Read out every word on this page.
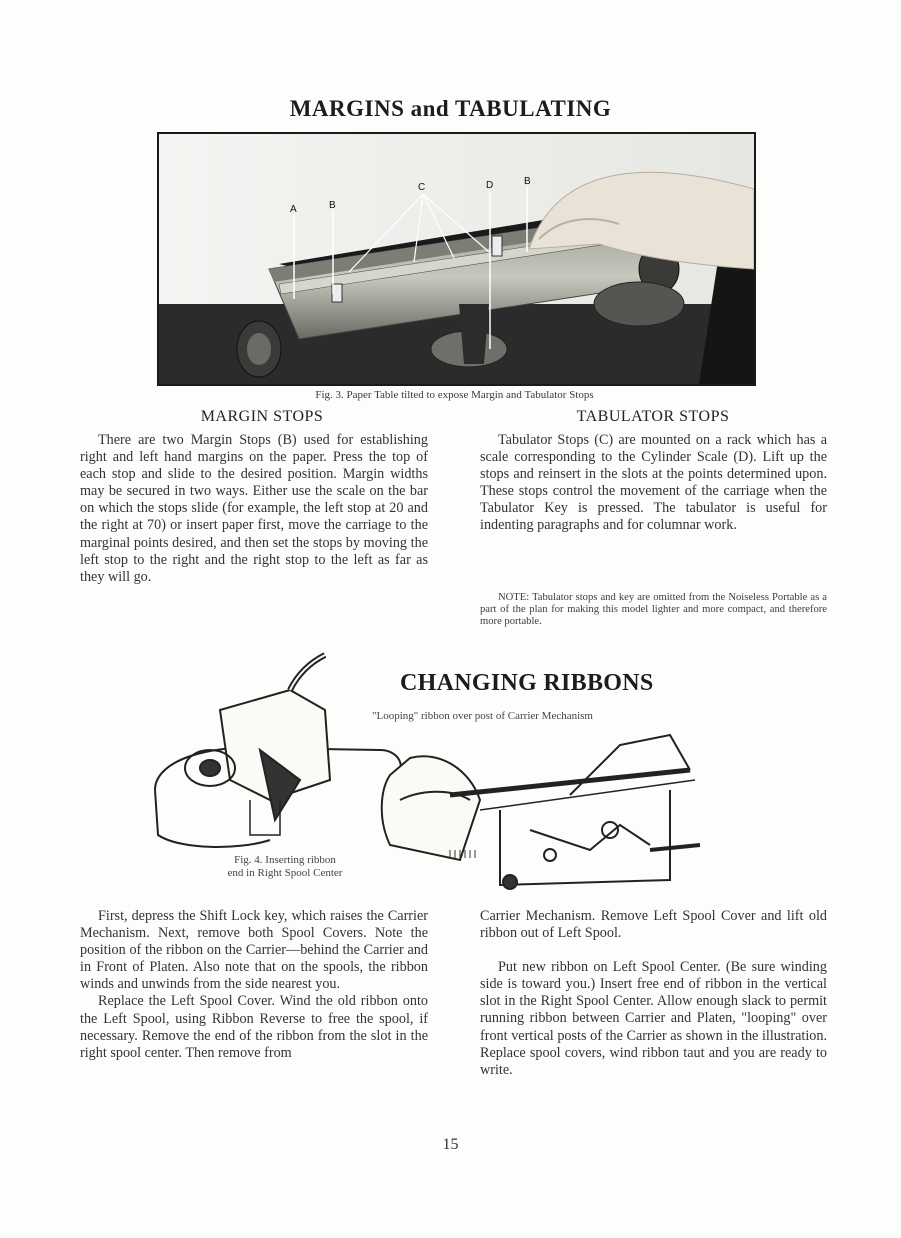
MARGINS and TABULATING
A	B
C	D	B
Fig. 3. Paper Table tilted to expose Margin and Tabulator Stops
MARGIN STOPS	TABULATOR STOPS

There are two Margin Stops (B) used for establishing right and left hand margins on the paper. Press the top of each stop and slide to the desired position. Margin widths may be secured in two ways. Either use the scale on the bar on which the stops slide (for example, the left stop at 20 and the right at 70) or insert paper first, move the carriage to the marginal points desired, and then set the stops by moving the left stop to the right and the right stop to the left as far as they will go.

Tabulator Stops (C) are mounted on a rack which has a scale corresponding to the Cylinder Scale (D). Lift up the stops and reinsert in the slots at the points determined upon. These stops control the movement of the carriage when the Tabulator Key is pressed. The tabulator is useful for indenting paragraphs and for columnar work.

NOTE: Tabulator stops and key are omitted from the Noiseless Portable as a part of the plan for making this model lighter and more compact, and therefore more portable.

CHANGING RIBBONS
"Looping" ribbon over post of Carrier Mechanism
Fig. 4. Inserting ribbon
end in Right Spool Center

First, depress the Shift Lock key, which raises the Carrier Mechanism. Next, remove both Spool Covers. Note the position of the ribbon on the Carrier—behind the Carrier and in Front of Platen. Also note that on the spools, the ribbon winds and unwinds from the side nearest you.

Replace the Left Spool Cover. Wind the old ribbon onto the Left Spool, using Ribbon Reverse to free the spool, if necessary. Remove the end of the ribbon from the slot in the right spool center. Then remove from

Carrier Mechanism. Remove Left Spool Cover and lift old ribbon out of Left Spool.

Put new ribbon on Left Spool Center. (Be sure winding side is toward you.) Insert free end of ribbon in the vertical slot in the Right Spool Center. Allow enough slack to permit running ribbon between Carrier and Platen, "looping" over front vertical posts of the Carrier as shown in the illustration. Replace spool covers, wind ribbon taut and you are ready to write.

15
